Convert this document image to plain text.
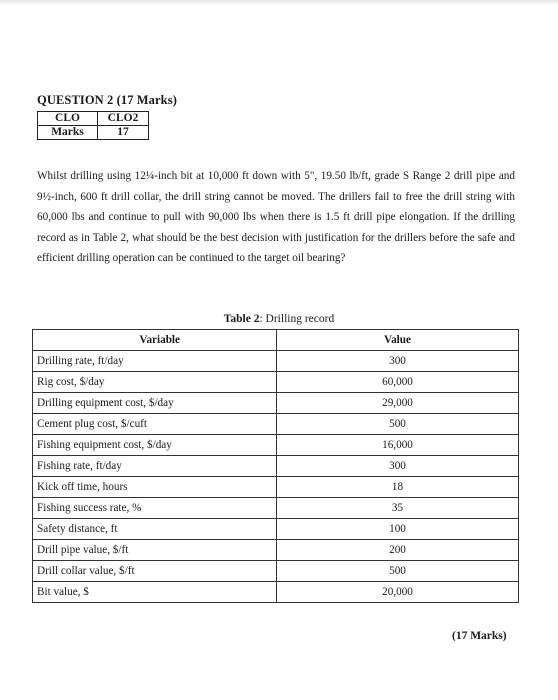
QUESTION 2 (17 Marks)
CLO	CLO2
Marks	17
Whilst drilling using 12¼-inch bit at 10,000 ft down with 5", 19.50 lb/ft, grade S Range 2 drill pipe and 9½-inch, 600 ft drill collar, the drill string cannot be moved. The drillers fail to free the drill string with 60,000 lbs and continue to pull with 90,000 lbs when there is 1.5 ft drill pipe elongation. If the drilling record as in Table 2, what should be the best decision with justification for the drillers before the safe and efficient drilling operation can be continued to the target oil bearing?
Table 2: Drilling record
Variable	Value
Drilling rate, ft/day	300
Rig cost, $/day	60,000
Drilling equipment cost, $/day	29,000
Cement plug cost, $/cuft	500
Fishing equipment cost, $/day	16,000
Fishing rate, ft/day	300
Kick off time, hours	18
Fishing success rate, %	35
Safety distance, ft	100
Drill pipe value, $/ft	200
Drill collar value, $/ft	500
Bit value, $	20,000
(17 Marks)
